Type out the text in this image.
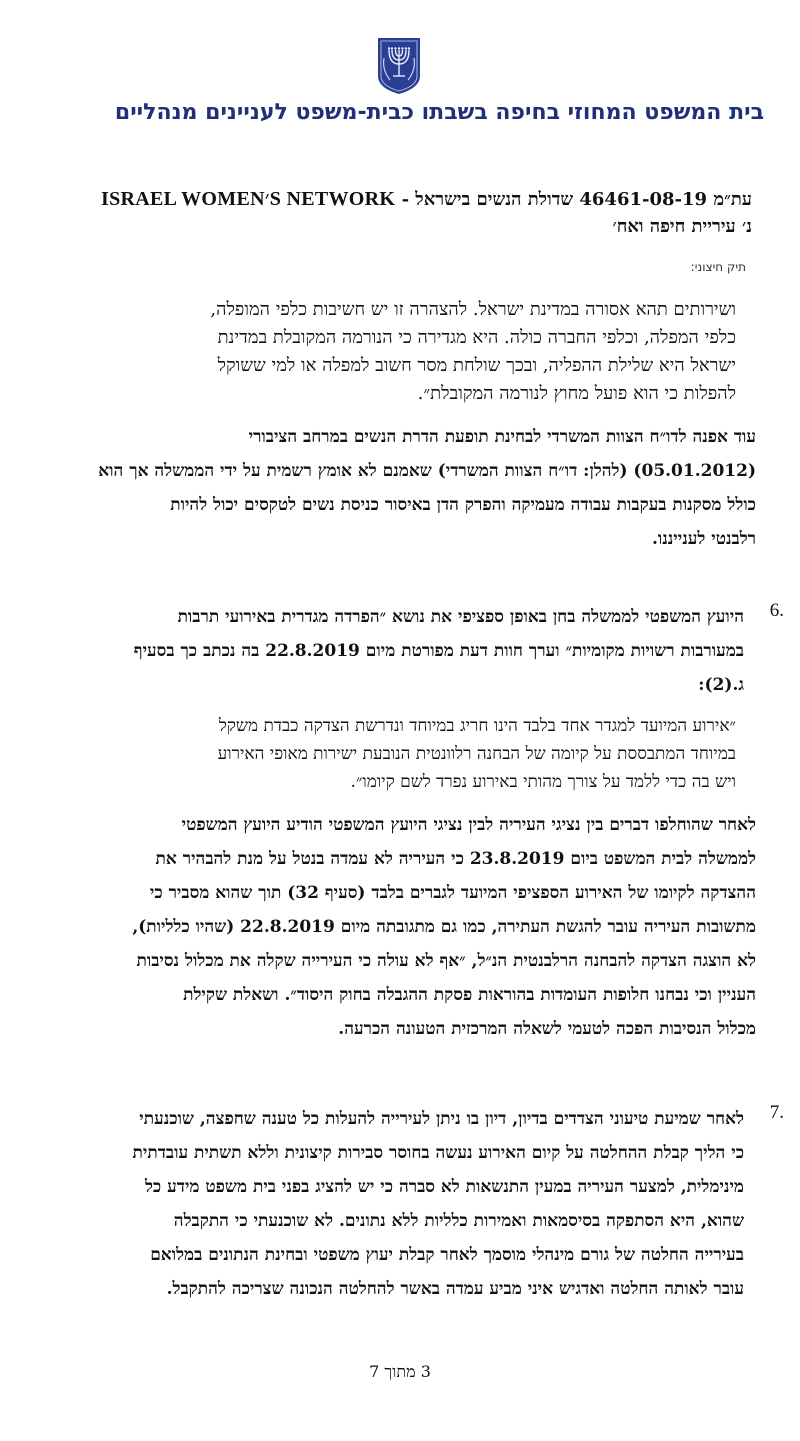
בית המשפט המחוזי בחיפה בשבתו כבית-משפט לעניינים מנהליים
עת״מ 46461-08-19 שדולת הנשים בישראל - ISRAEL WOMEN׳S NETWORK
נ׳ עיריית חיפה ואח׳
תיק חיצוני:
ושירותים תהא אסורה במדינת ישראל. להצהרה זו יש חשיבות כלפי המופלה,
כלפי המפלה, וכלפי החברה כולה. היא מגדירה כי הנורמה המקובלת במדינת
ישראל היא שלילת ההפליה, ובכך שולחת מסר חשוב למפלה או למי ששוקל
להפלות כי הוא פועל מחוץ לנורמה המקובלת״.
עוד אפנה לדו״ח הצוות המשרדי לבחינת תופעת הדרת הנשים במרחב הציבורי
(05.01.2012) (להלן: דו״ח הצוות המשרדי) שאמנם לא אומץ רשמית על ידי הממשלה אך הוא
כולל מסקנות בעקבות עבודה מעמיקה והפרק הדן באיסור כניסת נשים לטקסים יכול להיות
רלבנטי לענייננו.
6.
היועץ המשפטי לממשלה בחן באופן ספציפי את נושא ״הפרדה מגדרית באירועי תרבות
במעורבות רשויות מקומיות״ וערך חוות דעת מפורטת מיום 22.8.2019 בה נכתב כך בסעיף
ג.(2):
״אירוע המיועד למגדר אחד בלבד הינו חריג במיוחד ונדרשת הצדקה כבדת משקל
במיוחד המתבססת על קיומה של הבחנה רלוונטית הנובעת ישירות מאופי האירוע
ויש בה כדי ללמד על צורך מהותי באירוע נפרד לשם קיומו״.
לאחר שהוחלפו דברים בין נציגי העיריה לבין נציגי היועץ המשפטי הודיע היועץ המשפטי
לממשלה לבית המשפט ביום 23.8.2019 כי העיריה לא עמדה בנטל על מנת להבהיר את
ההצדקה לקיומו של האירוע הספציפי המיועד לגברים בלבד (סעיף 32) תוך שהוא מסביר כי
מתשובות העיריה עובר להגשת העתירה, כמו גם מתגובתה מיום 22.8.2019 (שהיו כלליות),
לא הוצגה הצדקה להבחנה הרלבנטית הנ״ל, ״אף לא עולה כי העירייה שקלה את מכלול נסיבות
העניין וכי נבחנו חלופות העומדות בהוראות פסקת ההגבלה בחוק היסוד״. ושאלת שקילת
מכלול הנסיבות הפכה לטעמי לשאלה המרכזית הטעונה הכרעה.
7.
לאחר שמיעת טיעוני הצדדים בדיון, דיון בו ניתן לעירייה להעלות כל טענה שחפצה, שוכנעתי
כי הליך קבלת ההחלטה על קיום האירוע נעשה בחוסר סבירות קיצונית וללא תשתית עובדתית
מינימלית, למצער העיריה במעין התנשאות לא סברה כי יש להציג בפני בית משפט מידע כל
שהוא, היא הסתפקה בסיסמאות ואמירות כלליות ללא נתונים. לא שוכנעתי כי התקבלה
בעירייה החלטה של גורם מינהלי מוסמך לאחר קבלת יעוץ משפטי ובחינת הנתונים במלואם
עובר לאותה החלטה ואדגיש איני מביע עמדה באשר להחלטה הנכונה שצריכה להתקבל.
3 מתוך 7
